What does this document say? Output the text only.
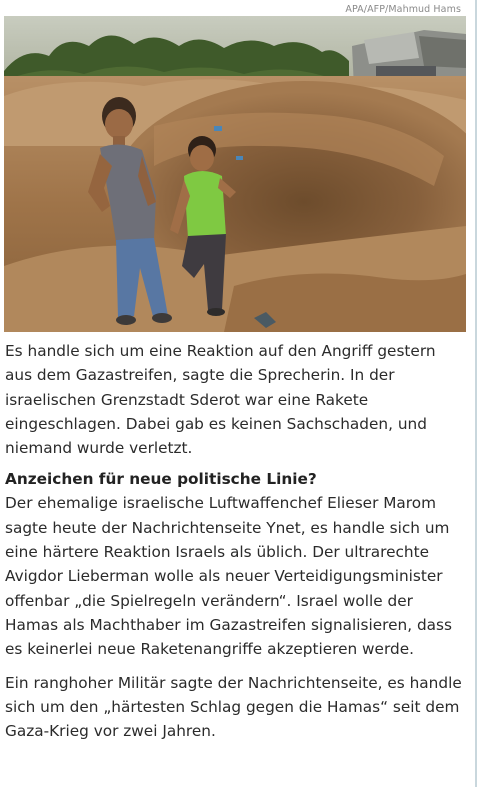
APA/AFP/Mahmud Hams

Es handle sich um eine Reaktion auf den Angriff gestern aus dem Gazastreifen, sagte die Sprecherin. In der israelischen Grenzstadt Sderot war eine Rakete eingeschlagen. Dabei gab es keinen Sachschaden, und niemand wurde verletzt.

Anzeichen für neue politische Linie?

Der ehemalige israelische Luftwaffenchef Elieser Marom sagte heute der Nachrichtenseite Ynet, es handle sich um eine härtere Reaktion Israels als üblich. Der ultrarechte Avigdor Lieberman wolle als neuer Verteidigungsminister offenbar „die Spielregeln verändern“. Israel wolle der Hamas als Machthaber im Gazastreifen signalisieren, dass es keinerlei neue Raketenangriffe akzeptieren werde.

Ein ranghoher Militär sagte der Nachrichtenseite, es handle sich um den „härtesten Schlag gegen die Hamas“ seit dem Gaza-Krieg vor zwei Jahren.
